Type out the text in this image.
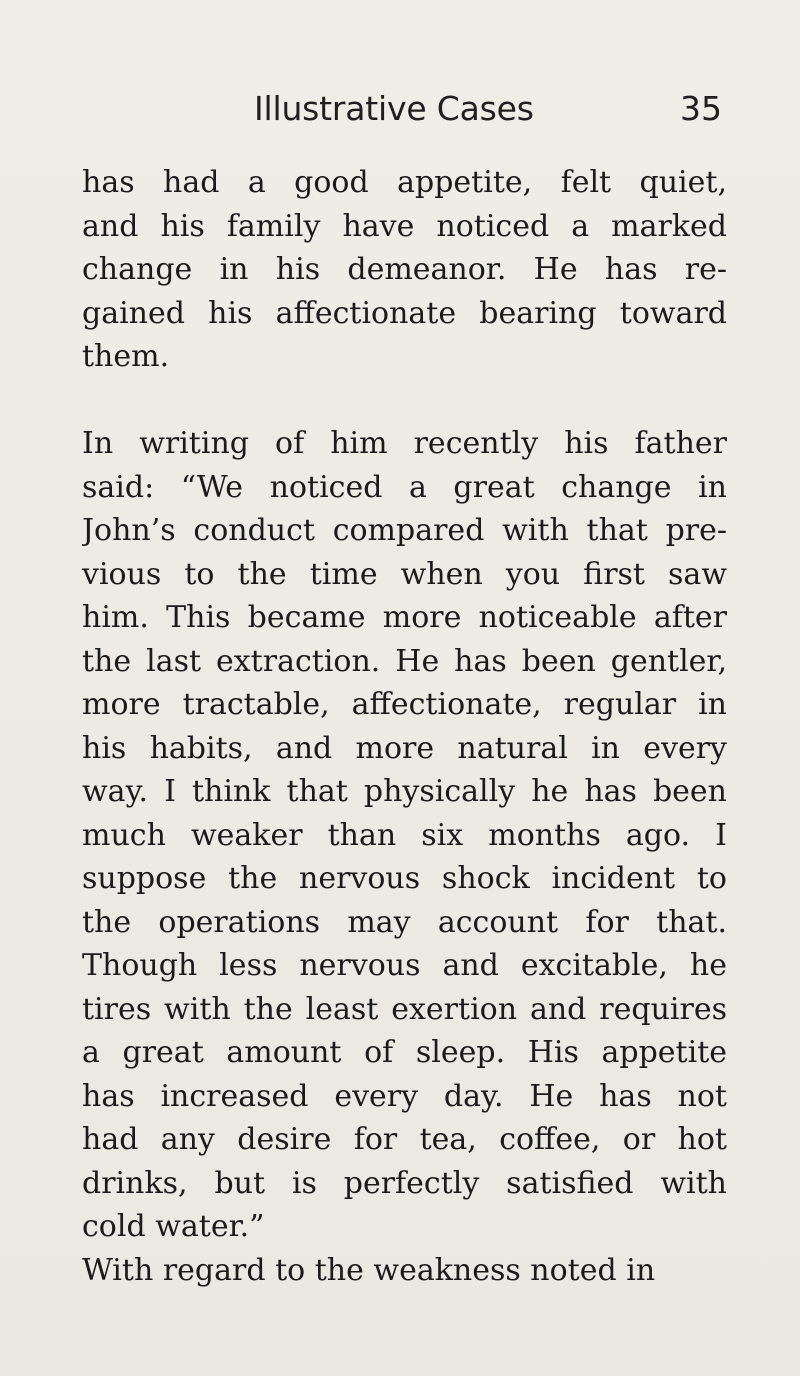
Illustrative Cases	35
has had a good appetite, felt quiet,
and his family have noticed a marked
change in his demeanor. He has re-
gained his affectionate bearing toward
them.
In writing of him recently his father
said: “We noticed a great change in
John’s conduct compared with that pre-
vious to the time when you first saw
him. This became more noticeable after
the last extraction. He has been gentler,
more tractable, affectionate, regular in
his habits, and more natural in every
way. I think that physically he has been
much weaker than six months ago. I
suppose the nervous shock incident to
the operations may account for that.
Though less nervous and excitable, he
tires with the least exertion and requires
a great amount of sleep. His appetite
has increased every day. He has not
had any desire for tea, coffee, or hot
drinks, but is perfectly satisfied with
cold water.”
With regard to the weakness noted in
